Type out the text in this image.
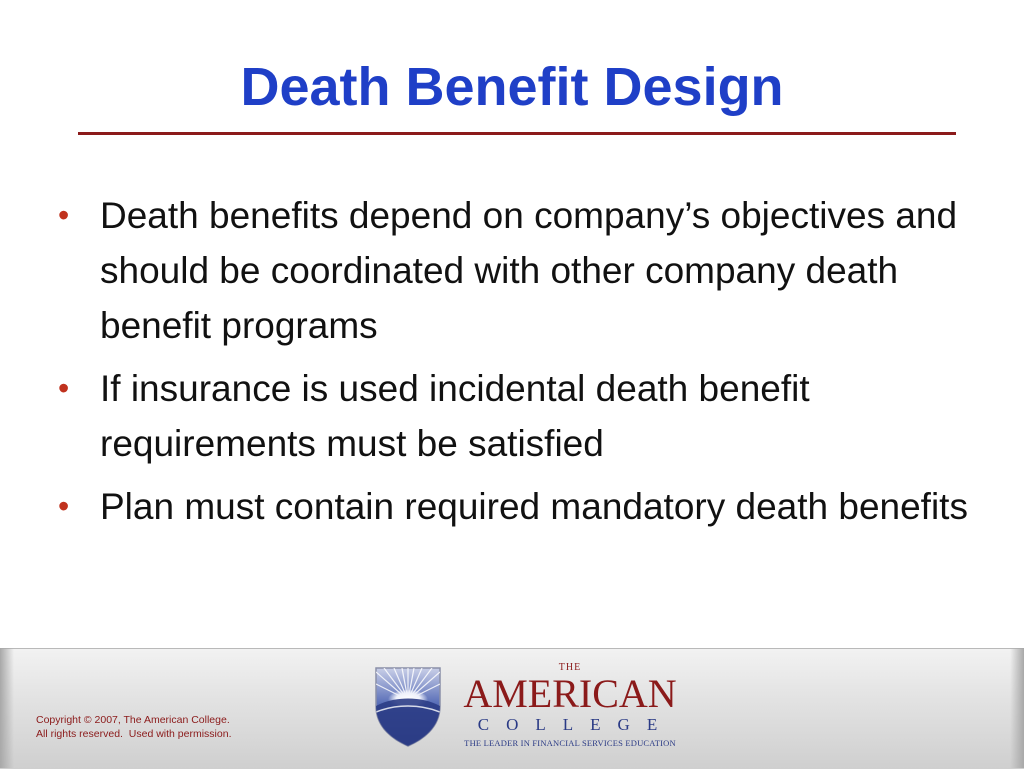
Death Benefit Design
• Death benefits depend on company’s objectives and should be coordinated with other company death benefit programs
• If insurance is used incidental death benefit requirements must be satisfied
• Plan must contain required mandatory death benefits
Copyright © 2007, The American College.
All rights reserved.  Used with permission.
THE
AMERICAN
COLLEGE
THE LEADER IN FINANCIAL SERVICES EDUCATION
